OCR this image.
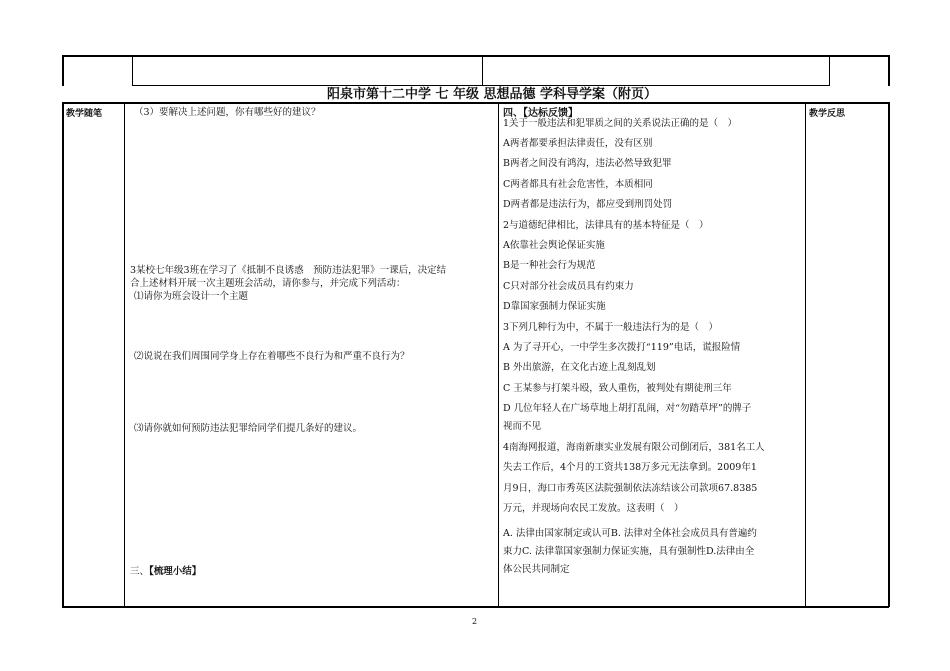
阳泉市第十二中学 七 年级 思想品德 学科导学案（附页）
教学随笔	教学反思
（3）要解决上述问题，你有哪些好的建议？
3某校七年级3班在学习了《抵制不良诱惑　预防违法犯罪》一课后，决定结
合上述材料开展一次主题班会活动，请你参与，并完成下列活动：
⑴请你为班会设计一个主题
⑵说说在我们周围同学身上存在着哪些不良行为和严重不良行为？
⑶请你就如何预防违法犯罪给同学们提几条好的建议。
三、【梳理小结】
四、【达标反馈】
1关于一般违法和犯罪质之间的关系说法正确的是（　）
A两者都要承担法律责任，没有区别
B两者之间没有鸿沟，违法必然导致犯罪
C两者都具有社会危害性，本质相同
D两者都是违法行为，都应受到刑罚处罚
2与道德纪律相比，法律具有的基本特征是（　）
A依靠社会舆论保证实施
B是一种社会行为规范
C只对部分社会成员具有约束力
D靠国家强制力保证实施
3下列几种行为中，不属于一般违法行为的是（　）
A 为了寻开心，一中学生多次拨打“119”电话，谎报险情
B 外出旅游，在文化古迹上乱刻乱划
C 王某参与打架斗殴，致人重伤，被判处有期徒刑三年
D 几位年轻人在广场草地上胡打乱闹，对“勿踏草坪”的牌子
视而不见
4南海网报道，海南新康实业发展有限公司倒闭后，381名工人
失去工作后，4个月的工资共138万多元无法拿到。2009年1
月9日，海口市秀英区法院强制依法冻结该公司款项67.8385
万元，并现场向农民工发放。这表明（　）
A. 法律由国家制定或认可B. 法律对全体社会成员具有普遍约
束力C. 法律靠国家强制力保证实施，具有强制性D.法律由全
体公民共同制定
2
